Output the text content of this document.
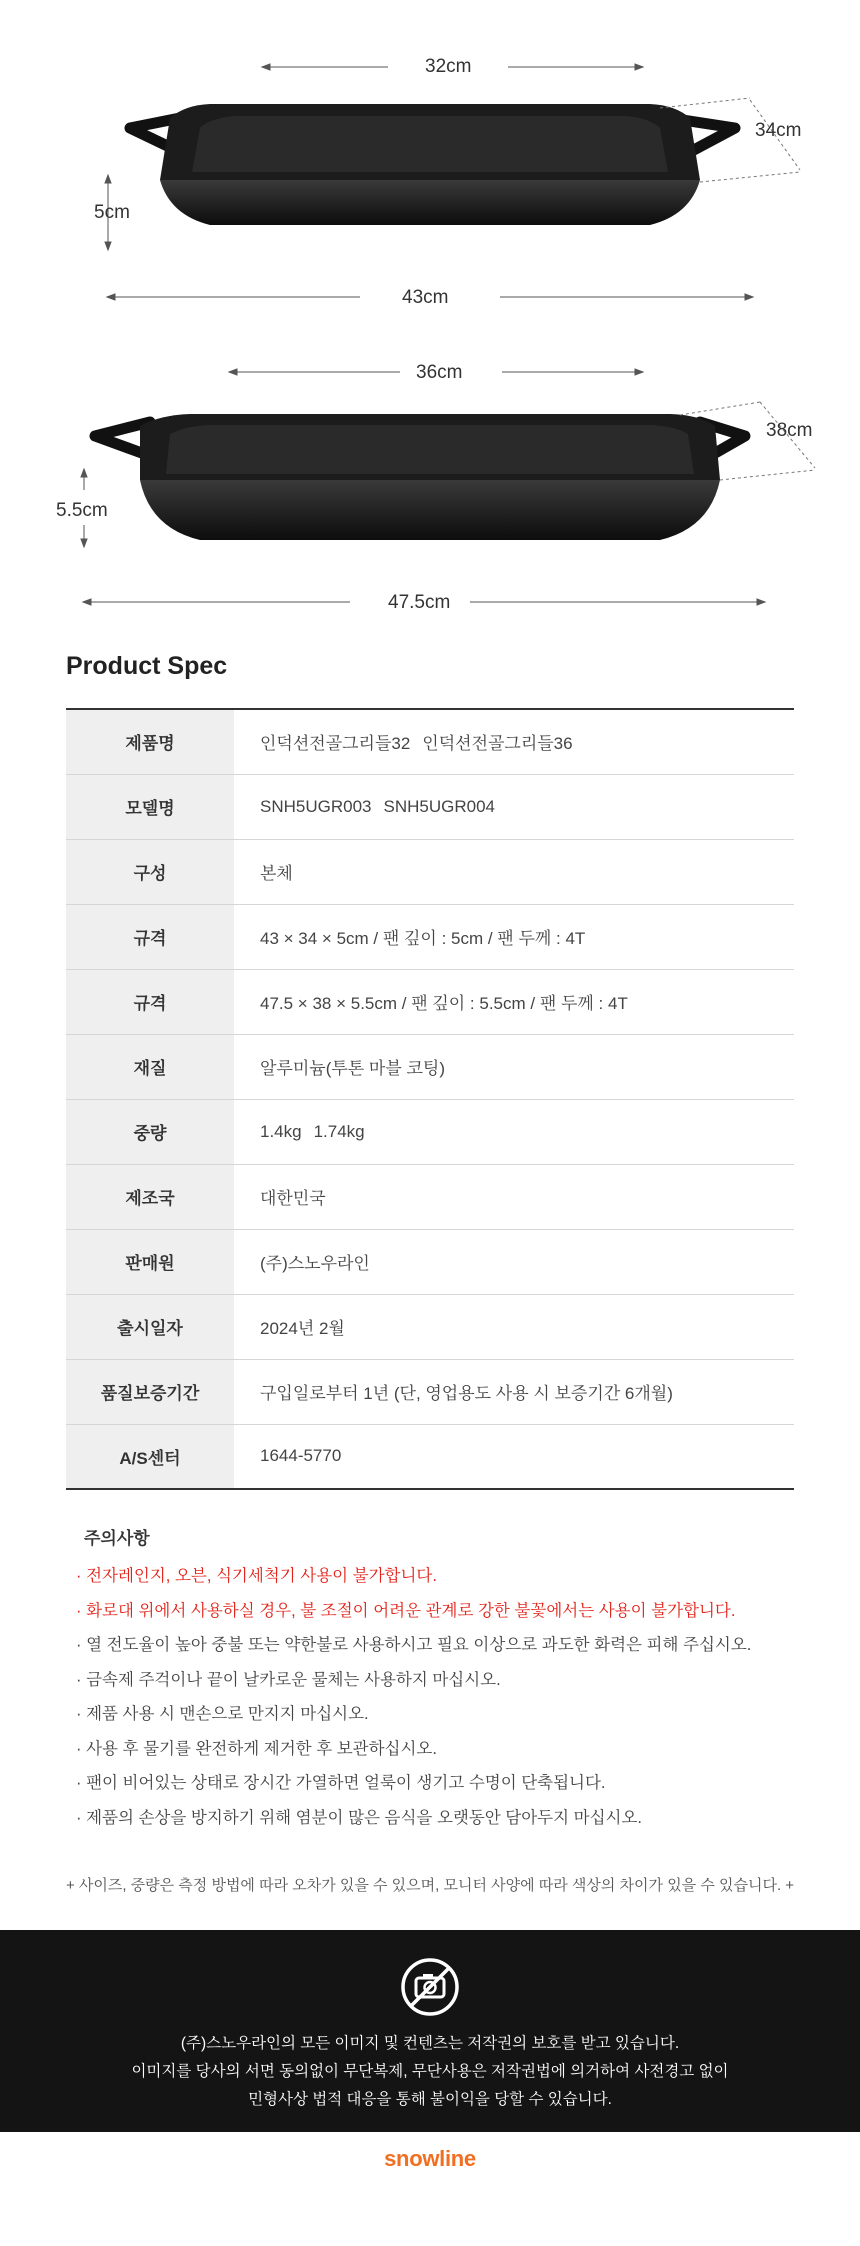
32cm
34cm
5cm
43cm
36cm
38cm
5.5cm
47.5cm
Product Spec
제품명	인덕션전골그리들32 인덕션전골그리들36
모델명	SNH5UGR003 SNH5UGR004
구성	본체
규격	43 × 34 × 5cm / 팬 깊이 : 5cm / 팬 두께 : 4T
규격	47.5 × 38 × 5.5cm / 팬 깊이 : 5.5cm / 팬 두께 : 4T
재질	알루미늄(투톤 마블 코팅)
중량	1.4kg 1.74kg
제조국	대한민국
판매원	(주)스노우라인
출시일자	2024년 2월
품질보증기간	구입일로부터 1년 (단, 영업용도 사용 시 보증기간 6개월)
A/S센터	1644-5770
주의사항
· 전자레인지, 오븐, 식기세척기 사용이 불가합니다.
· 화로대 위에서 사용하실 경우, 불 조절이 어려운 관계로 강한 불꽃에서는 사용이 불가합니다.
· 열 전도율이 높아 중불 또는 약한불로 사용하시고 필요 이상으로 과도한 화력은 피해 주십시오.
· 금속제 주걱이나 끝이 날카로운 물체는 사용하지 마십시오.
· 제품 사용 시 맨손으로 만지지 마십시오.
· 사용 후 물기를 완전하게 제거한 후 보관하십시오.
· 팬이 비어있는 상태로 장시간 가열하면 얼룩이 생기고 수명이 단축됩니다.
· 제품의 손상을 방지하기 위해 염분이 많은 음식을 오랫동안 담아두지 마십시오.
+ 사이즈, 중량은 측정 방법에 따라 오차가 있을 수 있으며, 모니터 사양에 따라 색상의 차이가 있을 수 있습니다. +
(주)스노우라인의 모든 이미지 및 컨텐츠는 저작권의 보호를 받고 있습니다.
이미지를 당사의 서면 동의없이 무단복제, 무단사용은 저작권법에 의거하여 사전경고 없이
민형사상 법적 대응을 통해 불이익을 당할 수 있습니다.
snowline
